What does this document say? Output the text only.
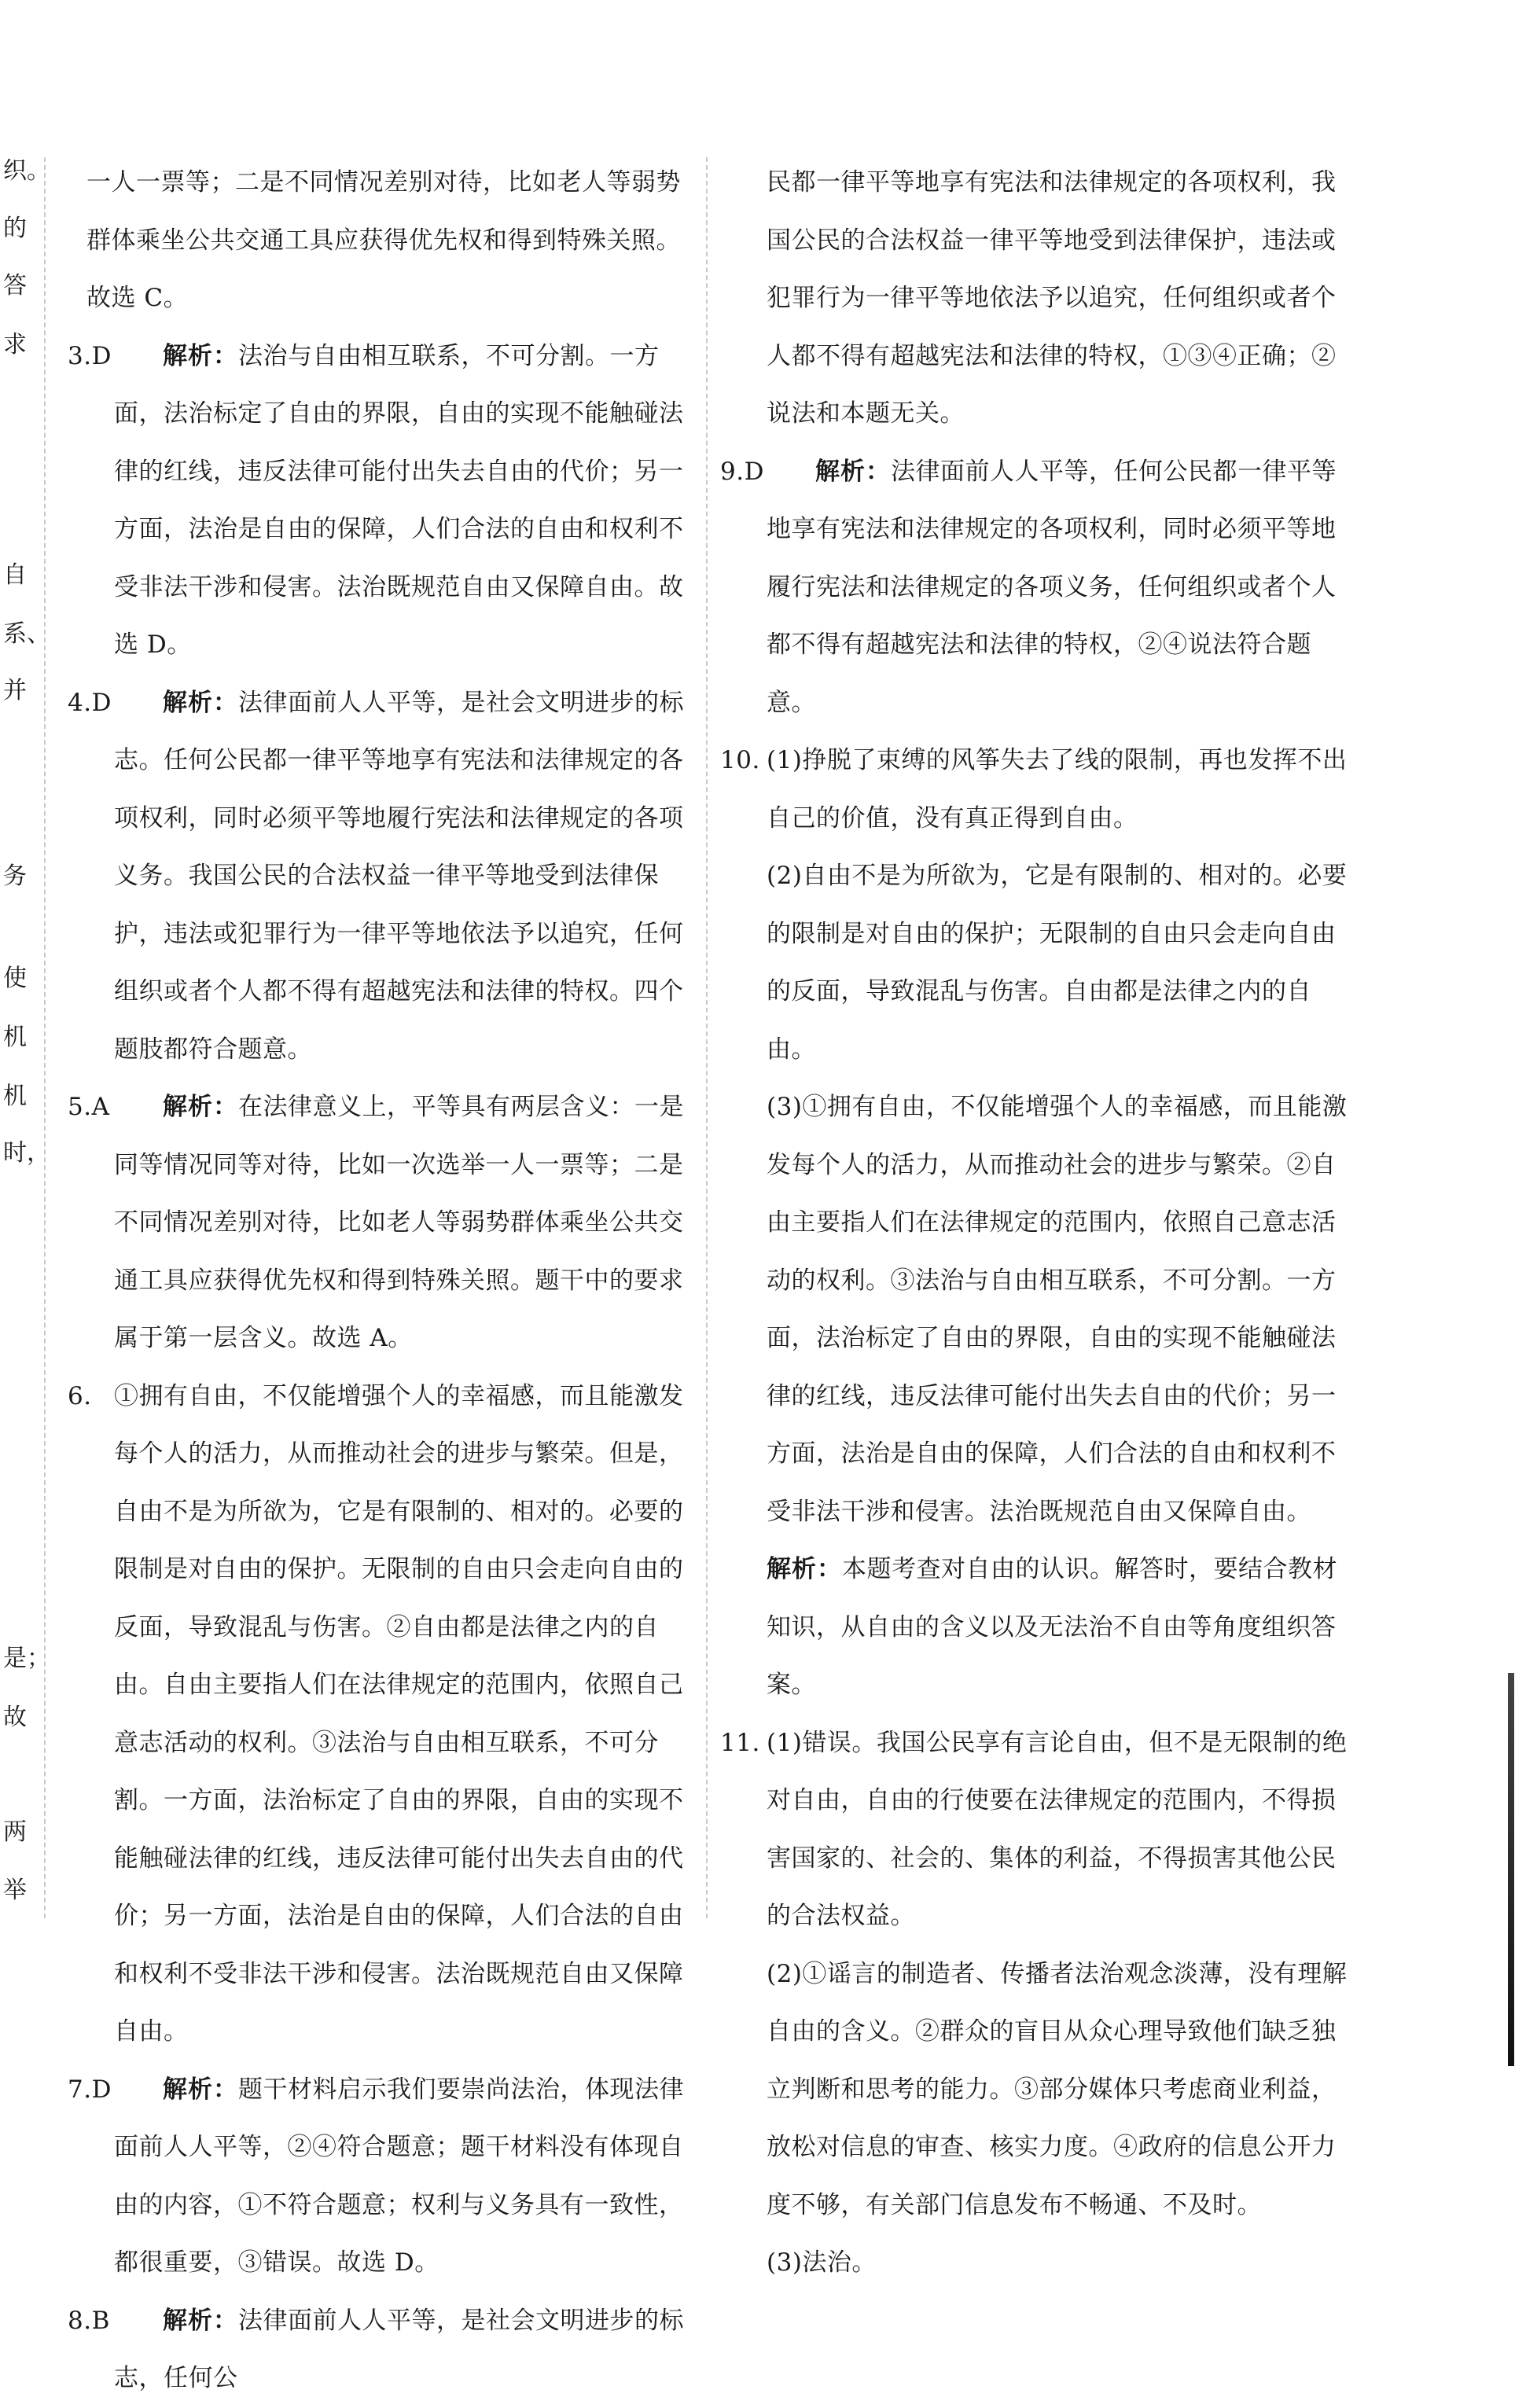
织。
的
答
求
自
系、
并
务
使
机
机
时，
是；
故
两
举

一人一票等；二是不同情况差别对待，比如老人等弱势群体乘坐公共交通工具应获得优先权和得到特殊关照。故选 C。

3.D	解析：法治与自由相互联系，不可分割。一方面，法治标定了自由的界限，自由的实现不能触碰法律的红线，违反法律可能付出失去自由的代价；另一方面，法治是自由的保障，人们合法的自由和权利不受非法干涉和侵害。法治既规范自由又保障自由。故选 D。

4.D	解析：法律面前人人平等，是社会文明进步的标志。任何公民都一律平等地享有宪法和法律规定的各项权利，同时必须平等地履行宪法和法律规定的各项义务。我国公民的合法权益一律平等地受到法律保护，违法或犯罪行为一律平等地依法予以追究，任何组织或者个人都不得有超越宪法和法律的特权。四个题肢都符合题意。

5.A	解析：在法律意义上，平等具有两层含义：一是同等情况同等对待，比如一次选举一人一票等；二是不同情况差别对待，比如老人等弱势群体乘坐公共交通工具应获得优先权和得到特殊关照。题干中的要求属于第一层含义。故选 A。

6. ①拥有自由，不仅能增强个人的幸福感，而且能激发每个人的活力，从而推动社会的进步与繁荣。但是，自由不是为所欲为，它是有限制的、相对的。必要的限制是对自由的保护。无限制的自由只会走向自由的反面，导致混乱与伤害。②自由都是法律之内的自由。自由主要指人们在法律规定的范围内，依照自己意志活动的权利。③法治与自由相互联系，不可分割。一方面，法治标定了自由的界限，自由的实现不能触碰法律的红线，违反法律可能付出失去自由的代价；另一方面，法治是自由的保障，人们合法的自由和权利不受非法干涉和侵害。法治既规范自由又保障自由。

7.D	解析：题干材料启示我们要崇尚法治，体现法律面前人人平等，②④符合题意；题干材料没有体现自由的内容，①不符合题意；权利与义务具有一致性，都很重要，③错误。故选 D。

8.B	解析：法律面前人人平等，是社会文明进步的标志，任何公

民都一律平等地享有宪法和法律规定的各项权利，我国公民的合法权益一律平等地受到法律保护，违法或犯罪行为一律平等地依法予以追究，任何组织或者个人都不得有超越宪法和法律的特权，①③④正确；②说法和本题无关。

9.D	解析：法律面前人人平等，任何公民都一律平等地享有宪法和法律规定的各项权利，同时必须平等地履行宪法和法律规定的各项义务，任何组织或者个人都不得有超越宪法和法律的特权，②④说法符合题意。

10. (1)挣脱了束缚的风筝失去了线的限制，再也发挥不出自己的价值，没有真正得到自由。

(2)自由不是为所欲为，它是有限制的、相对的。必要的限制是对自由的保护；无限制的自由只会走向自由的反面，导致混乱与伤害。自由都是法律之内的自由。

(3)①拥有自由，不仅能增强个人的幸福感，而且能激发每个人的活力，从而推动社会的进步与繁荣。②自由主要指人们在法律规定的范围内，依照自己意志活动的权利。③法治与自由相互联系，不可分割。一方面，法治标定了自由的界限，自由的实现不能触碰法律的红线，违反法律可能付出失去自由的代价；另一方面，法治是自由的保障，人们合法的自由和权利不受非法干涉和侵害。法治既规范自由又保障自由。

解析：本题考查对自由的认识。解答时，要结合教材知识，从自由的含义以及无法治不自由等角度组织答案。

11. (1)错误。我国公民享有言论自由，但不是无限制的绝对自由，自由的行使要在法律规定的范围内，不得损害国家的、社会的、集体的利益，不得损害其他公民的合法权益。

(2)①谣言的制造者、传播者法治观念淡薄，没有理解自由的含义。②群众的盲目从众心理导致他们缺乏独立判断和思考的能力。③部分媒体只考虑商业利益，放松对信息的审查、核实力度。④政府的信息公开力度不够，有关部门信息发布不畅通、不及时。

(3)法治。
